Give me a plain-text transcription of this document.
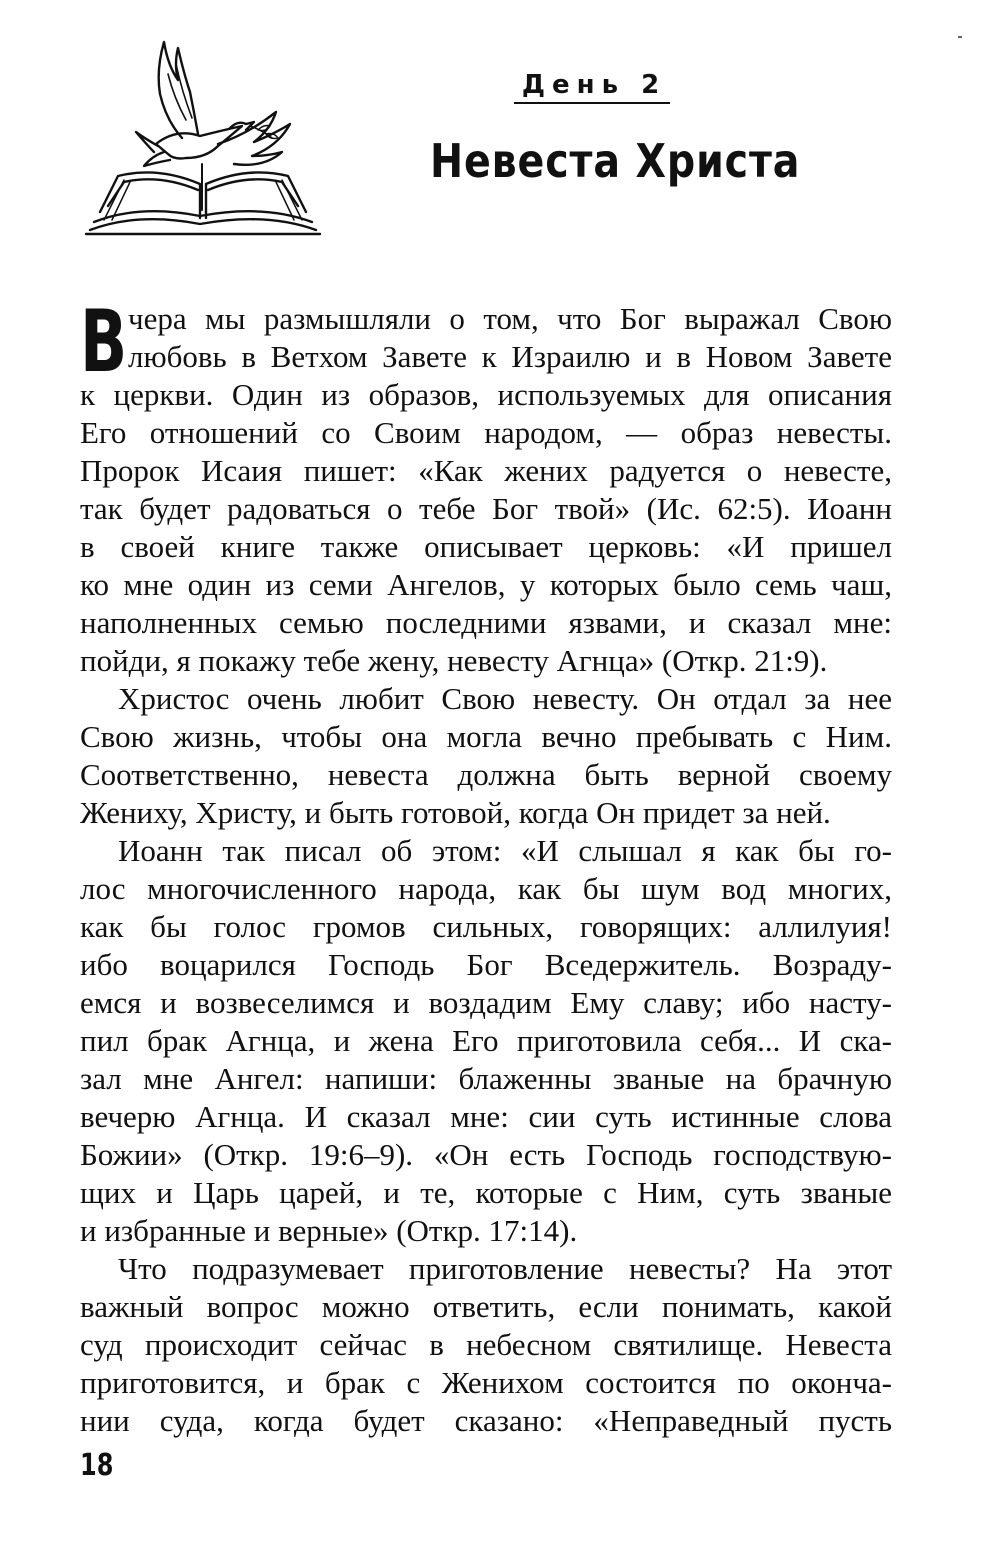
День 2
Невеста Христа
В чера мы размышляли о том, что Бог выражал Свою
любовь в Ветхом Завете к Израилю и в Новом Завете
к церкви. Один из образов, используемых для описания
Его отношений со Своим народом, — образ невесты.
Пророк Исаия пишет: «Как жених радуется о невесте,
так будет радоваться о тебе Бог твой» (Ис. 62:5). Иоанн
в своей книге также описывает церковь: «И пришел
ко мне один из семи Ангелов, у которых было семь чаш,
наполненных семью последними язвами, и сказал мне:
пойди, я покажу тебе жену, невесту Агнца» (Откр. 21:9).
Христос очень любит Свою невесту. Он отдал за нее
Свою жизнь, чтобы она могла вечно пребывать с Ним.
Соответственно, невеста должна быть верной своему
Жениху, Христу, и быть готовой, когда Он придет за ней.
Иоанн так писал об этом: «И слышал я как бы го-
лос многочисленного народа, как бы шум вод многих,
как бы голос громов сильных, говорящих: аллилуия!
ибо воцарился Господь Бог Вседержитель. Возраду-
емся и возвеселимся и воздадим Ему славу; ибо насту-
пил брак Агнца, и жена Его приготовила себя... И ска-
зал мне Ангел: напиши: блаженны званые на брачную
вечерю Агнца. И сказал мне: сии суть истинные слова
Божии» (Откр. 19:6–9). «Он есть Господь господствую-
щих и Царь царей, и те, которые с Ним, суть званые
и избранные и верные» (Откр. 17:14).
Что подразумевает приготовление невесты? На этот
важный вопрос можно ответить, если понимать, какой
суд происходит сейчас в небесном святилище. Невеста
приготовится, и брак с Женихом состоится по оконча-
нии суда, когда будет сказано: «Неправедный пусть
18
